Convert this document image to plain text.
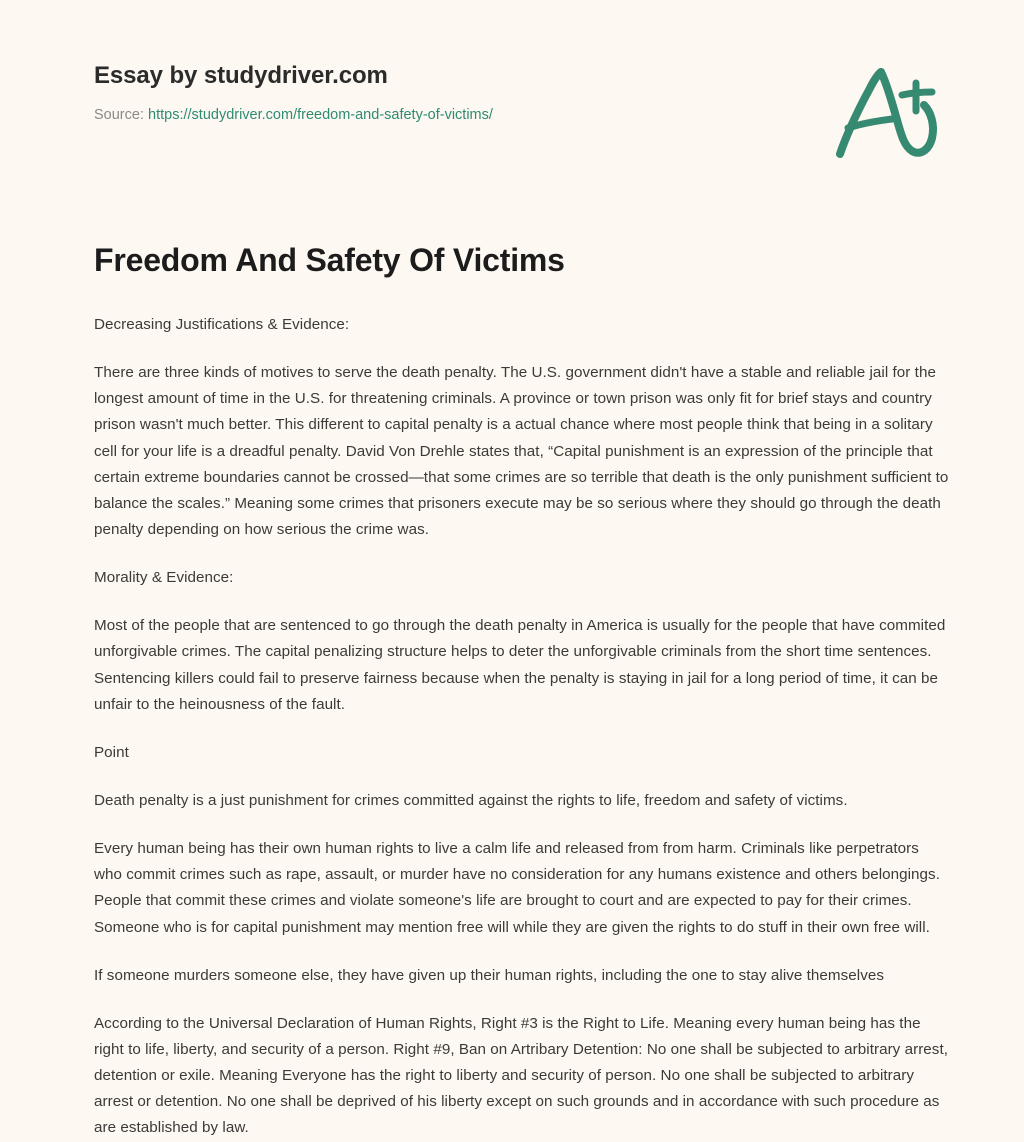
Essay by studydriver.com
Source: https://studydriver.com/freedom-and-safety-of-victims/
Freedom And Safety Of Victims

Decreasing Justifications & Evidence:

There are three kinds of motives to serve the death penalty. The U.S. government didn't have a stable and reliable jail for the longest amount of time in the U.S. for threatening criminals. A province or town prison was only fit for brief stays and country prison wasn't much better. This different to capital penalty is a actual chance where most people think that being in a solitary cell for your life is a dreadful penalty. David Von Drehle states that, “Capital punishment is an expression of the principle that certain extreme boundaries cannot be crossed—that some crimes are so terrible that death is the only punishment sufficient to balance the scales.” Meaning some crimes that prisoners execute may be so serious where they should go through the death penalty depending on how serious the crime was.

Morality & Evidence:

Most of the people that are sentenced to go through the death penalty in America is usually for the people that have commited unforgivable crimes. The capital penalizing structure helps to deter the unforgivable criminals from the short time sentences. Sentencing killers could fail to preserve fairness because when the penalty is staying in jail for a long period of time, it can be unfair to the heinousness of the fault.

Point

Death penalty is a just punishment for crimes committed against the rights to life, freedom and safety of victims.

Every human being has their own human rights to live a calm life and released from from harm. Criminals like perpetrators who commit crimes such as rape, assault, or murder have no consideration for any humans existence and others belongings. People that commit these crimes and violate someone's life are brought to court and are expected to pay for their crimes. Someone who is for capital punishment may mention free will while they are given the rights to do stuff in their own free will.

If someone murders someone else, they have given up their human rights, including the one to stay alive themselves

According to the Universal Declaration of Human Rights, Right #3 is the Right to Life. Meaning every human being has the right to life, liberty, and security of a person. Right #9, Ban on Artribary Detention: No one shall be subjected to arbitrary arrest, detention or exile. Meaning Everyone has the right to liberty and security of person. No one shall be subjected to arbitrary arrest or detention. No one shall be deprived of his liberty except on such grounds and in accordance with such procedure as are established by law.
